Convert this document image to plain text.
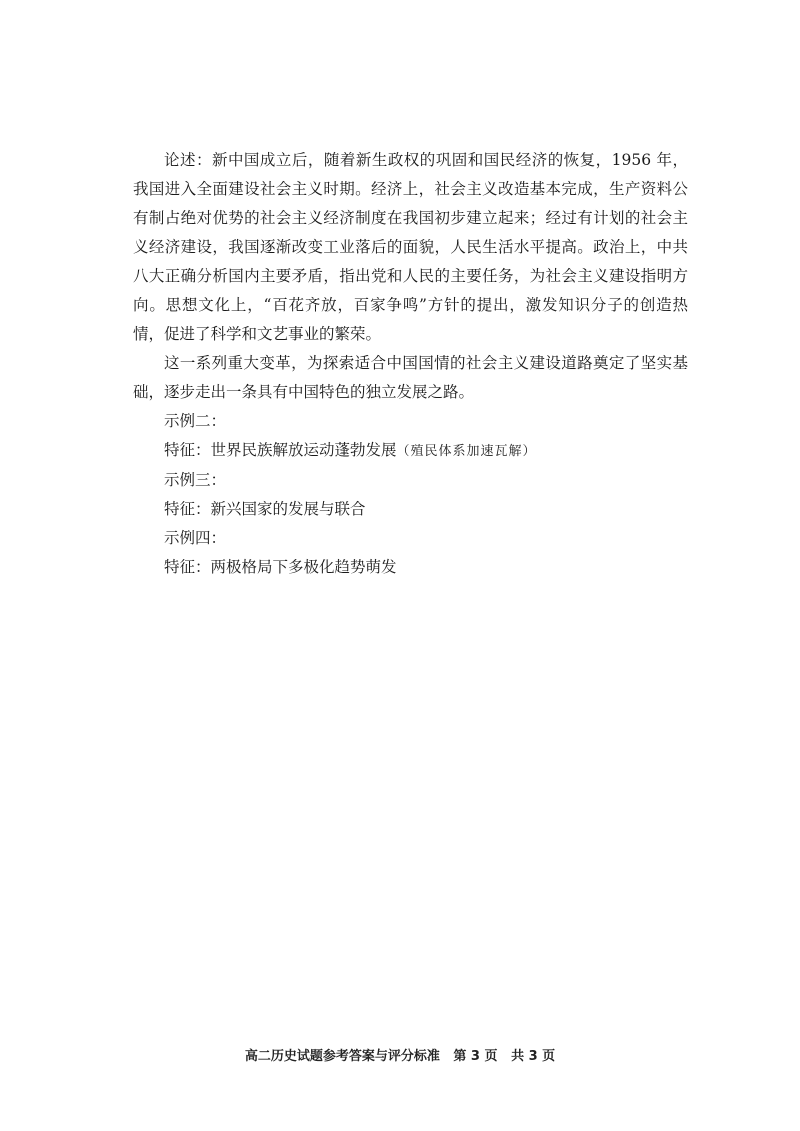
论述：新中国成立后，随着新生政权的巩固和国民经济的恢复，1956 年，我国进入全面建设社会主义时期。经济上，社会主义改造基本完成，生产资料公有制占绝对优势的社会主义经济制度在我国初步建立起来；经过有计划的社会主义经济建设，我国逐渐改变工业落后的面貌，人民生活水平提高。政治上，中共八大正确分析国内主要矛盾，指出党和人民的主要任务，为社会主义建设指明方向。思想文化上，“百花齐放，百家争鸣”方针的提出，激发知识分子的创造热情，促进了科学和文艺事业的繁荣。

这一系列重大变革，为探索适合中国国情的社会主义建设道路奠定了坚实基础，逐步走出一条具有中国特色的独立发展之路。

示例二：

特征：世界民族解放运动蓬勃发展（殖民体系加速瓦解）

示例三：

特征：新兴国家的发展与联合

示例四：

特征：两极格局下多极化趋势萌发

高二历史试题参考答案与评分标准   第 3 页   共 3 页
